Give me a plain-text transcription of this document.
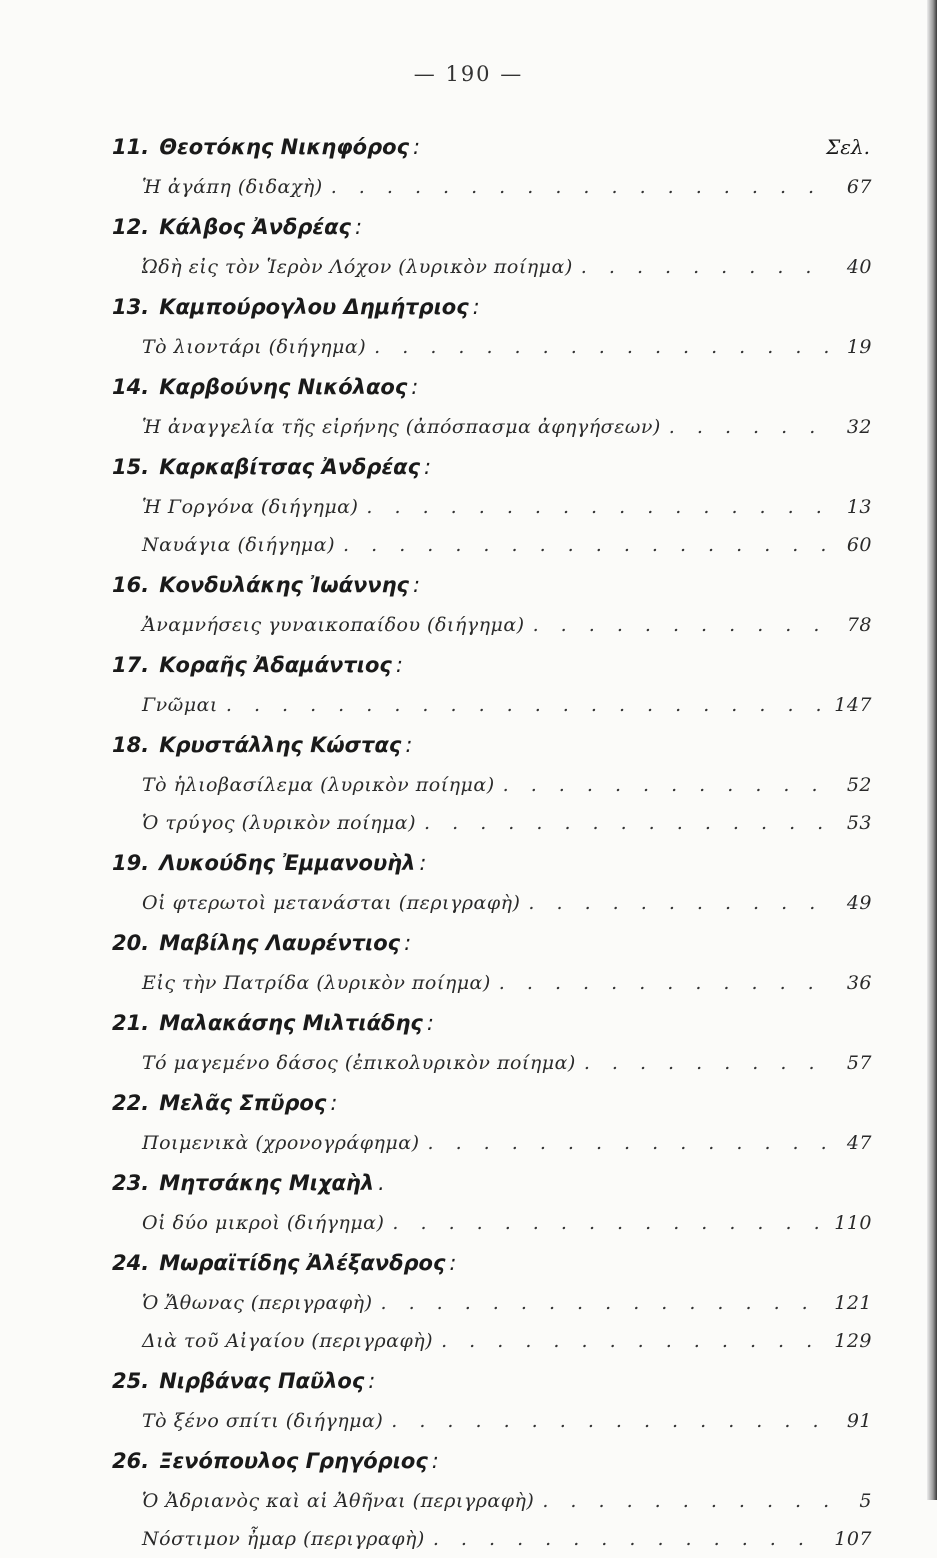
— 190 —
11. Θεοτόκης Νικηφόρος :	Σελ.
Ἡ ἀγάπη (διδαχὴ) . . .	67
12. Κάλβος Ἀνδρέας :
Ὠδὴ εἰς τὸν Ἱερὸν Λόχον (λυρικὸν ποίημα) . . .	40
13. Καμπούρογλου Δημήτριος :
Τὸ λιοντάρι (διήγημα) . . .	19
14. Καρβούνης Νικόλαος :
Ἡ ἀναγγελία τῆς εἰρήνης (ἀπόσπασμα ἀφηγήσεων) . . .	32
15. Καρκαβίτσας Ἀνδρέας :
Ἡ Γοργόνα (διήγημα) . . .	13
Ναυάγια (διήγημα) . . .	60
16. Κονδυλάκης Ἰωάννης :
Ἀναμνήσεις γυναικοπαίδου (διήγημα) . . .	78
17. Κοραῆς Ἀδαμάντιος :
Γνῶμαι . . .	147
18. Κρυστάλλης Κώστας :
Τὸ ἡλιοβασίλεμα (λυρικὸν ποίημα) . . .	52
Ὁ τρύγος (λυρικὸν ποίημα) . . .	53
19. Λυκούδης Ἐμμανουὴλ :
Οἱ φτερωτοὶ μετανάσται (περιγραφὴ) . . .	49
20. Μαβίλης Λαυρέντιος :
Εἰς τὴν Πατρίδα (λυρικὸν ποίημα) . . .	36
21. Μαλακάσης Μιλτιάδης :
Τό μαγεμένο δάσος (ἐπικολυρικὸν ποίημα) . . .	57
22. Μελᾶς Σπῦρος :
Ποιμενικὰ (χρονογράφημα) . . .	47
23. Μητσάκης Μιχαὴλ .
Οἱ δύο μικροὶ (διήγημα) . . .	110
24. Μωραϊτίδης Ἀλέξανδρος :
Ὁ Ἄθωνας (περιγραφὴ) . . .	121
Διὰ τοῦ Αἰγαίου (περιγραφὴ) . . .	129
25. Νιρβάνας Παῦλος :
Τὸ ξένο σπίτι (διήγημα) . . .	91
26. Ξενόπουλος Γρηγόριος :
Ὁ Ἀδριανὸς καὶ αἱ Ἀθῆναι (περιγραφὴ) . . .	5
Νόστιμον ἦμαρ (περιγραφὴ) . . .	107
